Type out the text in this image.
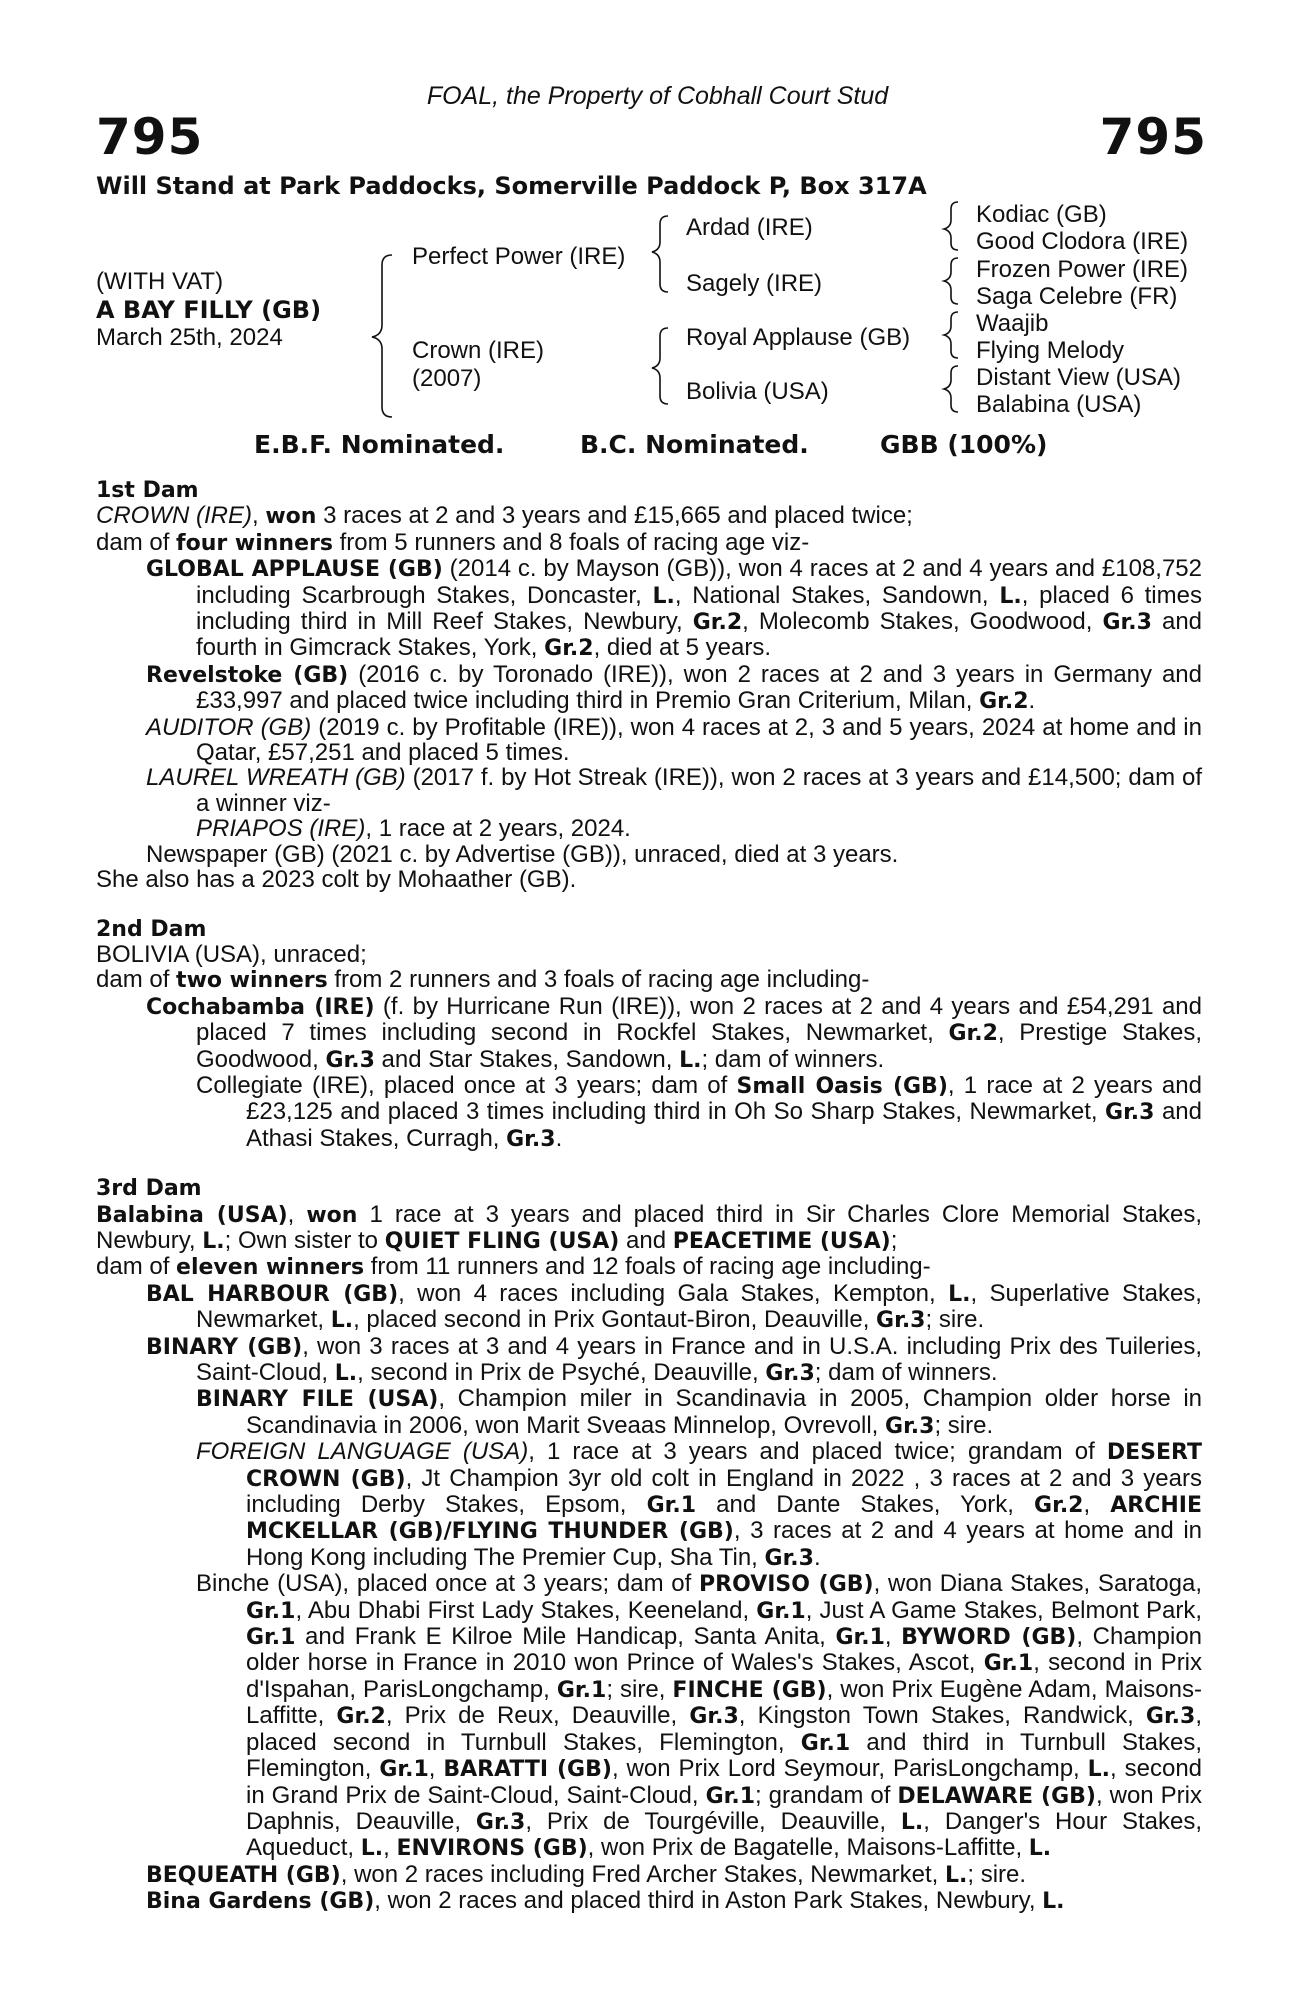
FOAL, the Property of Cobhall Court Stud
795	795
Will Stand at Park Paddocks, Somerville Paddock P, Box 317A
(WITH VAT)
A BAY FILLY (GB)
March 25th, 2024
Perfect Power (IRE)
Crown (IRE)
(2007)
Ardad (IRE)
Sagely (IRE)
Royal Applause (GB)
Bolivia (USA)
Kodiac (GB)
Good Clodora (IRE)
Frozen Power (IRE)
Saga Celebre (FR)
Waajib
Flying Melody
Distant View (USA)
Balabina (USA)
E.B.F. Nominated.	B.C. Nominated.	GBB (100%)

1st Dam

CROWN (IRE), won 3 races at 2 and 3 years and £15,665 and placed twice;

dam of four winners from 5 runners and 8 foals of racing age viz-

GLOBAL APPLAUSE (GB) (2014 c. by Mayson (GB)), won 4 races at 2 and 4 years and £108,752 including Scarbrough Stakes, Doncaster, L., National Stakes, Sandown, L., placed 6 times including third in Mill Reef Stakes, Newbury, Gr.2, Molecomb Stakes, Goodwood, Gr.3 and fourth in Gimcrack Stakes, York, Gr.2, died at 5 years.

Revelstoke (GB) (2016 c. by Toronado (IRE)), won 2 races at 2 and 3 years in Germany and £33,997 and placed twice including third in Premio Gran Criterium, Milan, Gr.2.

AUDITOR (GB) (2019 c. by Profitable (IRE)), won 4 races at 2, 3 and 5 years, 2024 at home and in Qatar, £57,251 and placed 5 times.

LAUREL WREATH (GB) (2017 f. by Hot Streak (IRE)), won 2 races at 3 years and £14,500; dam of a winner viz-

PRIAPOS (IRE), 1 race at 2 years, 2024.

Newspaper (GB) (2021 c. by Advertise (GB)), unraced, died at 3 years.

She also has a 2023 colt by Mohaather (GB).

2nd Dam

BOLIVIA (USA), unraced;

dam of two winners from 2 runners and 3 foals of racing age including-

Cochabamba (IRE) (f. by Hurricane Run (IRE)), won 2 races at 2 and 4 years and £54,291 and placed 7 times including second in Rockfel Stakes, Newmarket, Gr.2, Prestige Stakes, Goodwood, Gr.3 and Star Stakes, Sandown, L.; dam of winners.

Collegiate (IRE), placed once at 3 years; dam of Small Oasis (GB), 1 race at 2 years and £23,125 and placed 3 times including third in Oh So Sharp Stakes, Newmarket, Gr.3 and Athasi Stakes, Curragh, Gr.3.

3rd Dam

Balabina (USA), won 1 race at 3 years and placed third in Sir Charles Clore Memorial Stakes, Newbury, L.; Own sister to QUIET FLING (USA) and PEACETIME (USA);

dam of eleven winners from 11 runners and 12 foals of racing age including-

BAL HARBOUR (GB), won 4 races including Gala Stakes, Kempton, L., Superlative Stakes, Newmarket, L., placed second in Prix Gontaut-Biron, Deauville, Gr.3; sire.

BINARY (GB), won 3 races at 3 and 4 years in France and in U.S.A. including Prix des Tuileries, Saint-Cloud, L., second in Prix de Psyché, Deauville, Gr.3; dam of winners.

BINARY FILE (USA), Champion miler in Scandinavia in 2005, Champion older horse in Scandinavia in 2006, won Marit Sveaas Minnelop, Ovrevoll, Gr.3; sire.

FOREIGN LANGUAGE (USA), 1 race at 3 years and placed twice; grandam of DESERT CROWN (GB), Jt Champion 3yr old colt in England in 2022 , 3 races at 2 and 3 years including Derby Stakes, Epsom, Gr.1 and Dante Stakes, York, Gr.2, ARCHIE MCKELLAR (GB)/FLYING THUNDER (GB), 3 races at 2 and 4 years at home and in Hong Kong including The Premier Cup, Sha Tin, Gr.3.

Binche (USA), placed once at 3 years; dam of PROVISO (GB), won Diana Stakes, Saratoga, Gr.1, Abu Dhabi First Lady Stakes, Keeneland, Gr.1, Just A Game Stakes, Belmont Park, Gr.1 and Frank E Kilroe Mile Handicap, Santa Anita, Gr.1, BYWORD (GB), Champion older horse in France in 2010 won Prince of Wales's Stakes, Ascot, Gr.1, second in Prix d'Ispahan, ParisLongchamp, Gr.1; sire, FINCHE (GB), won Prix Eugène Adam, Maisons-Laffitte, Gr.2, Prix de Reux, Deauville, Gr.3, Kingston Town Stakes, Randwick, Gr.3, placed second in Turnbull Stakes, Flemington, Gr.1 and third in Turnbull Stakes, Flemington, Gr.1, BARATTI (GB), won Prix Lord Seymour, ParisLongchamp, L., second in Grand Prix de Saint-Cloud, Saint-Cloud, Gr.1; grandam of DELAWARE (GB), won Prix Daphnis, Deauville, Gr.3, Prix de Tourgéville, Deauville, L., Danger's Hour Stakes, Aqueduct, L., ENVIRONS (GB), won Prix de Bagatelle, Maisons-Laffitte, L.

BEQUEATH (GB), won 2 races including Fred Archer Stakes, Newmarket, L.; sire.

Bina Gardens (GB), won 2 races and placed third in Aston Park Stakes, Newbury, L.
